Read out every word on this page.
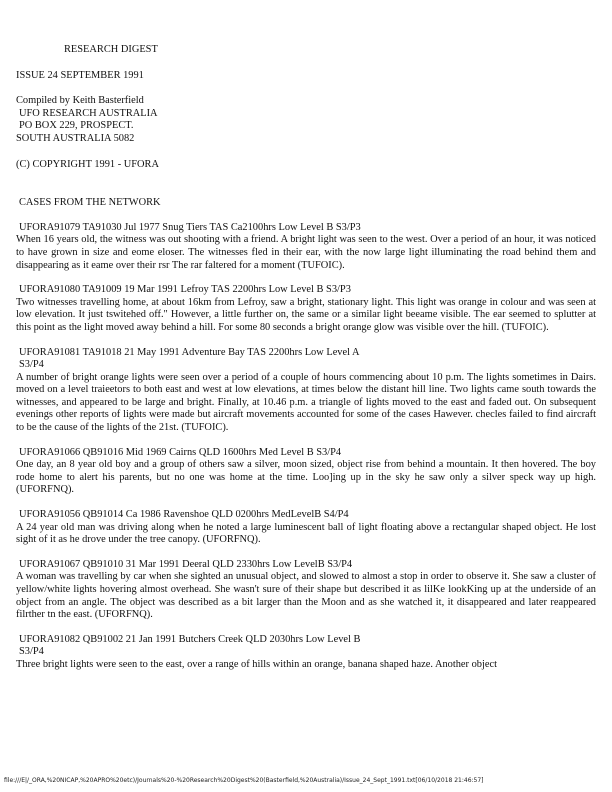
RESEARCH DIGEST

ISSUE 24 SEPTEMBER 1991

Compiled by Keith Basterfield

UFO RESEARCH AUSTRALIA

PO BOX 229, PROSPECT.

SOUTH AUSTRALIA 5082

(C) COPYRIGHT 1991 - UFORA

CASES FROM THE NETWORK

UFORA91079 TA91030 Jul 1977 Snug Tiers TAS Ca2100hrs Low Level B S3/P3

When 16 years old, the witness was out shooting with a friend. A bright light was seen to the west. Over a period of an hour, it was noticed to have grown in size and eome eloser. The witnesses fled in their ear, with the now large light illuminating the road behind them and disappearing as it eame over their rsr The rar faltered for a moment (TUFOIC).

UFORA91080 TA91009 19 Mar 1991 Lefroy TAS 2200hrs Low Level B S3/P3

Two witnesses travelling home, at about 16km from Lefroy, saw a bright, stationary light. This light was orange in colour and was seen at low elevation. It just tswitehed off." However, a little further on, the same or a similar light beeame visible. The ear seemed to splutter at this point as the light moved away behind a hill. For some 80 seconds a bright orange glow was visible over the hill. (TUFOIC).

UFORA91081 TA91018 21 May 1991 Adventure Bay TAS 2200hrs Low Level A

S3/P4

A number of bright orange lights were seen over a period of a couple of hours commencing about 10 p.m. The lights sometimes in Dairs. moved on a level traieetors to both east and west at low elevations, at times below the distant hill line. Two lights came south towards the witnesses, and appeared to be large and bright. Finally, at 10.46 p.m. a triangle of lights moved to the east and faded out. On subsequent evenings other reports of lights were made but aircraft movements accounted for some of the cases Hawever. checles failed to find aircraft to be the cause of the lights of the 21st. (TUFOIC).

UFORA91066 QB91016 Mid 1969 Cairns QLD 1600hrs Med Level B S3/P4

One day, an 8 year old boy and a group of others saw a silver, moon sized, object rise from behind a mountain. It then hovered. The boy rode home to alert his parents, but no one was home at the time. Loo]ing up in the sky he saw only a silver speck way up high. (UFORFNQ).

UFORA91056 QB91014 Ca 1986 Ravenshoe QLD 0200hrs MedLevelB S4/P4

A 24 year old man was driving along when he noted a large luminescent ball of light floating above a rectangular shaped object. He lost sight of it as he drove under the tree canopy. (UFORFNQ).

UFORA91067 QB91010 31 Mar 1991 Deeral QLD 2330hrs Low LevelB S3/P4

A woman was travelling by car when she sighted an unusual object, and slowed to almost a stop in order to observe it. She saw a cluster of yellow/white lights hovering almost overhead. She wasn't sure of their shape but described it as lilKe lookKing up at the underside of an object from an angle. The object was described as a bit larger than the Moon and as she watched it, it disappeared and later reappeared filrther tn the east. (UFORFNQ).

UFORA91082 QB91002 21 Jan 1991 Butchers Creek QLD 2030hrs Low Level B

S3/P4

Three bright lights were seen to the east, over a range of hills within an orange, banana shaped haze. Another object

file:///E|/_ORA,%20NICAP,%20APRO%20etc)/Journals%20-%20Research%20Digest%20(Basterfield,%20Australia)/Issue_24_Sept_1991.txt[06/10/2018 21:46:57]
